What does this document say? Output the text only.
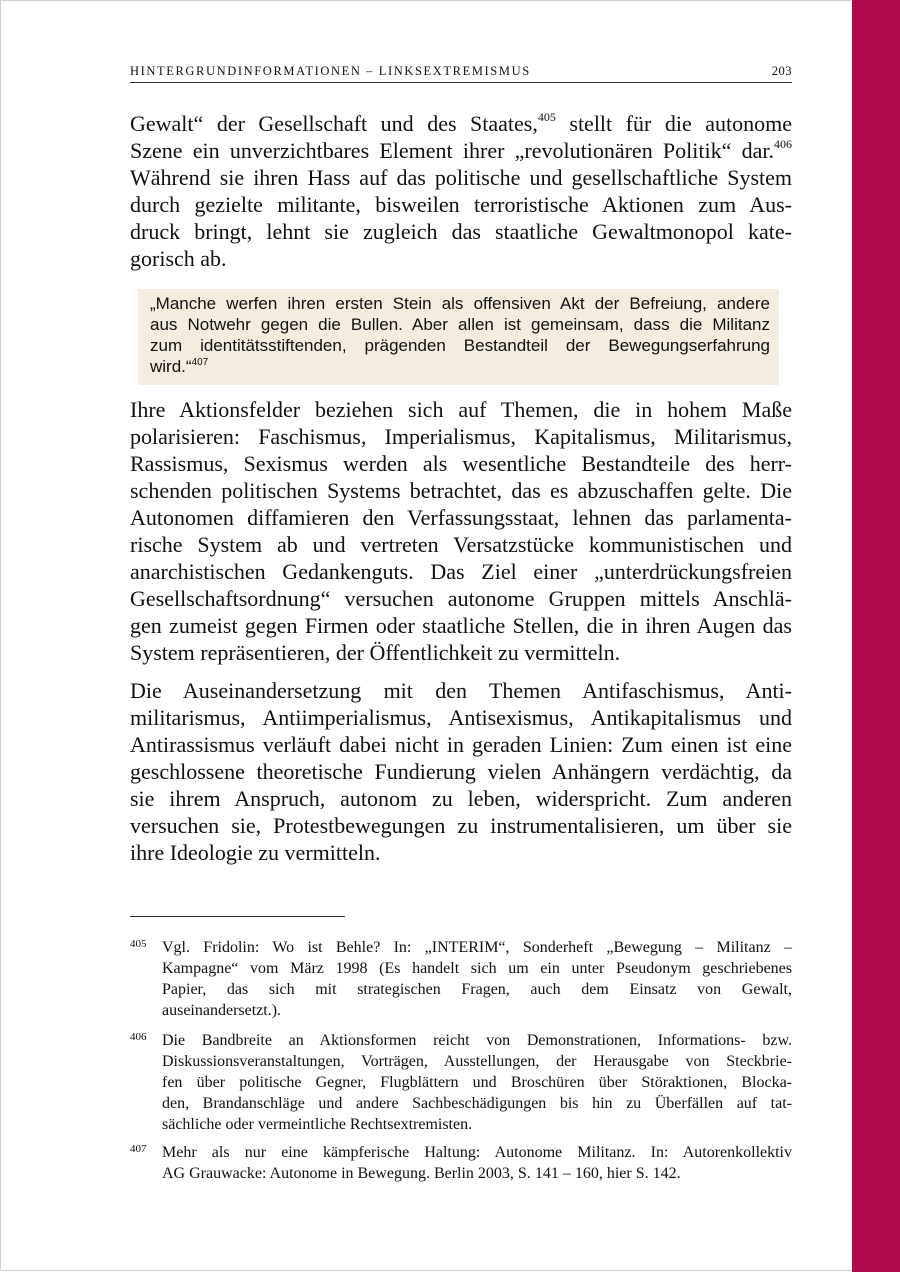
HINTERGRUNDINFORMATIONEN – LINKSEXTREMISMUS	203
Gewalt“ der Gesellschaft und des Staates,$^{405}$ stellt für die autonome
Szene ein unverzichtbares Element ihrer „revolutionären Politik“ dar.$^{406}$
Während sie ihren Hass auf das politische und gesellschaftliche System
durch gezielte militante, bisweilen terroristische Aktionen zum Aus-
druck bringt, lehnt sie zugleich das staatliche Gewaltmonopol kate-
gorisch ab.
„Manche werfen ihren ersten Stein als offensiven Akt der Befreiung, andere
aus Notwehr gegen die Bullen. Aber allen ist gemeinsam, dass die Militanz
zum identitätsstiftenden, prägenden Bestandteil der Bewegungserfahrung
wird.“$^{407}$
Ihre Aktionsfelder beziehen sich auf Themen, die in hohem Maße
polarisieren: Faschismus, Imperialismus, Kapitalismus, Militarismus,
Rassismus, Sexismus werden als wesentliche Bestandteile des herr-
schenden politischen Systems betrachtet, das es abzuschaffen gelte. Die
Autonomen diffamieren den Verfassungsstaat, lehnen das parlamenta-
rische System ab und vertreten Versatzstücke kommunistischen und
anarchistischen Gedankenguts. Das Ziel einer „unterdrückungsfreien
Gesellschaftsordnung“ versuchen autonome Gruppen mittels Anschlä-
gen zumeist gegen Firmen oder staatliche Stellen, die in ihren Augen das
System repräsentieren, der Öffentlichkeit zu vermitteln.
Die Auseinandersetzung mit den Themen Antifaschismus, Anti-
militarismus, Antiimperialismus, Antisexismus, Antikapitalismus und
Antirassismus verläuft dabei nicht in geraden Linien: Zum einen ist eine
geschlossene theoretische Fundierung vielen Anhängern verdächtig, da
sie ihrem Anspruch, autonom zu leben, widerspricht. Zum anderen
versuchen sie, Protestbewegungen zu instrumentalisieren, um über sie
ihre Ideologie zu vermitteln.
405 Vgl. Fridolin: Wo ist Behle? In: „INTERIM“, Sonderheft „Bewegung – Militanz –
Kampagne“ vom März 1998 (Es handelt sich um ein unter Pseudonym geschriebenes
Papier, das sich mit strategischen Fragen, auch dem Einsatz von Gewalt,
auseinandersetzt.).
406 Die Bandbreite an Aktionsformen reicht von Demonstrationen, Informations- bzw.
Diskussionsveranstaltungen, Vorträgen, Ausstellungen, der Herausgabe von Steckbrie-
fen über politische Gegner, Flugblättern und Broschüren über Störaktionen, Blocka-
den, Brandanschläge und andere Sachbeschädigungen bis hin zu Überfällen auf tat-
sächliche oder vermeintliche Rechtsextremisten.
407 Mehr als nur eine kämpferische Haltung: Autonome Militanz. In: Autorenkollektiv
AG Grauwacke: Autonome in Bewegung. Berlin 2003, S. 141 – 160, hier S. 142.
